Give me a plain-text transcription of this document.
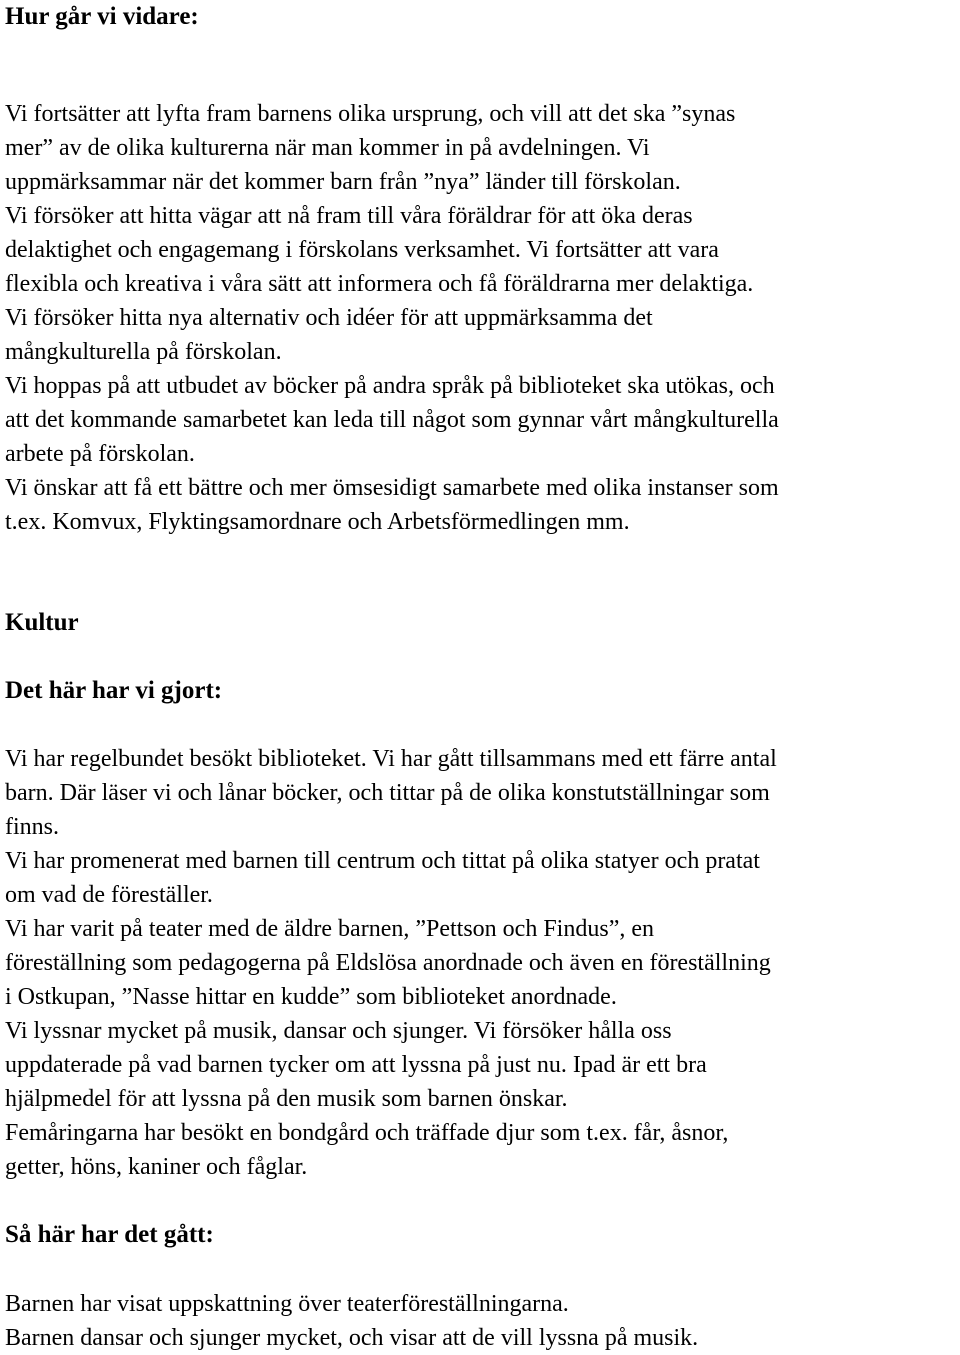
Hur går vi vidare:
Vi fortsätter att lyfta fram barnens olika ursprung, och vill att det ska ”synas
mer” av de olika kulturerna när man kommer in på avdelningen. Vi
uppmärksammar när det kommer barn från ”nya” länder till förskolan.
Vi försöker att hitta vägar att nå fram till våra föräldrar för att öka deras
delaktighet och engagemang i förskolans verksamhet. Vi fortsätter att vara
flexibla och kreativa i våra sätt att informera och få föräldrarna mer delaktiga.
Vi försöker hitta nya alternativ och idéer för att uppmärksamma det
mångkulturella på förskolan.
Vi hoppas på att utbudet av böcker på andra språk på biblioteket ska utökas, och
att det kommande samarbetet kan leda till något som gynnar vårt mångkulturella
arbete på förskolan.
Vi önskar att få ett bättre och mer ömsesidigt samarbete med olika instanser som
t.ex. Komvux, Flyktingsamordnare och Arbetsförmedlingen mm.
Kultur
Det här har vi gjort:
Vi har regelbundet besökt biblioteket. Vi har gått tillsammans med ett färre antal
barn. Där läser vi och lånar böcker, och tittar på de olika konstutställningar som
finns.
Vi har promenerat med barnen till centrum och tittat på olika statyer och pratat
om vad de föreställer.
Vi har varit på teater med de äldre barnen, ”Pettson och Findus”, en
föreställning som pedagogerna på Eldslösa anordnade och även en föreställning
i Ostkupan, ”Nasse hittar en kudde” som biblioteket anordnade.
Vi lyssnar mycket på musik, dansar och sjunger. Vi försöker hålla oss
uppdaterade på vad barnen tycker om att lyssna på just nu. Ipad är ett bra
hjälpmedel för att lyssna på den musik som barnen önskar.
Femåringarna har besökt en bondgård och träffade djur som t.ex. får, åsnor,
getter, höns, kaniner och fåglar.
Så här har det gått:
Barnen har visat uppskattning över teaterföreställningarna.
Barnen dansar och sjunger mycket, och visar att de vill lyssna på musik.
